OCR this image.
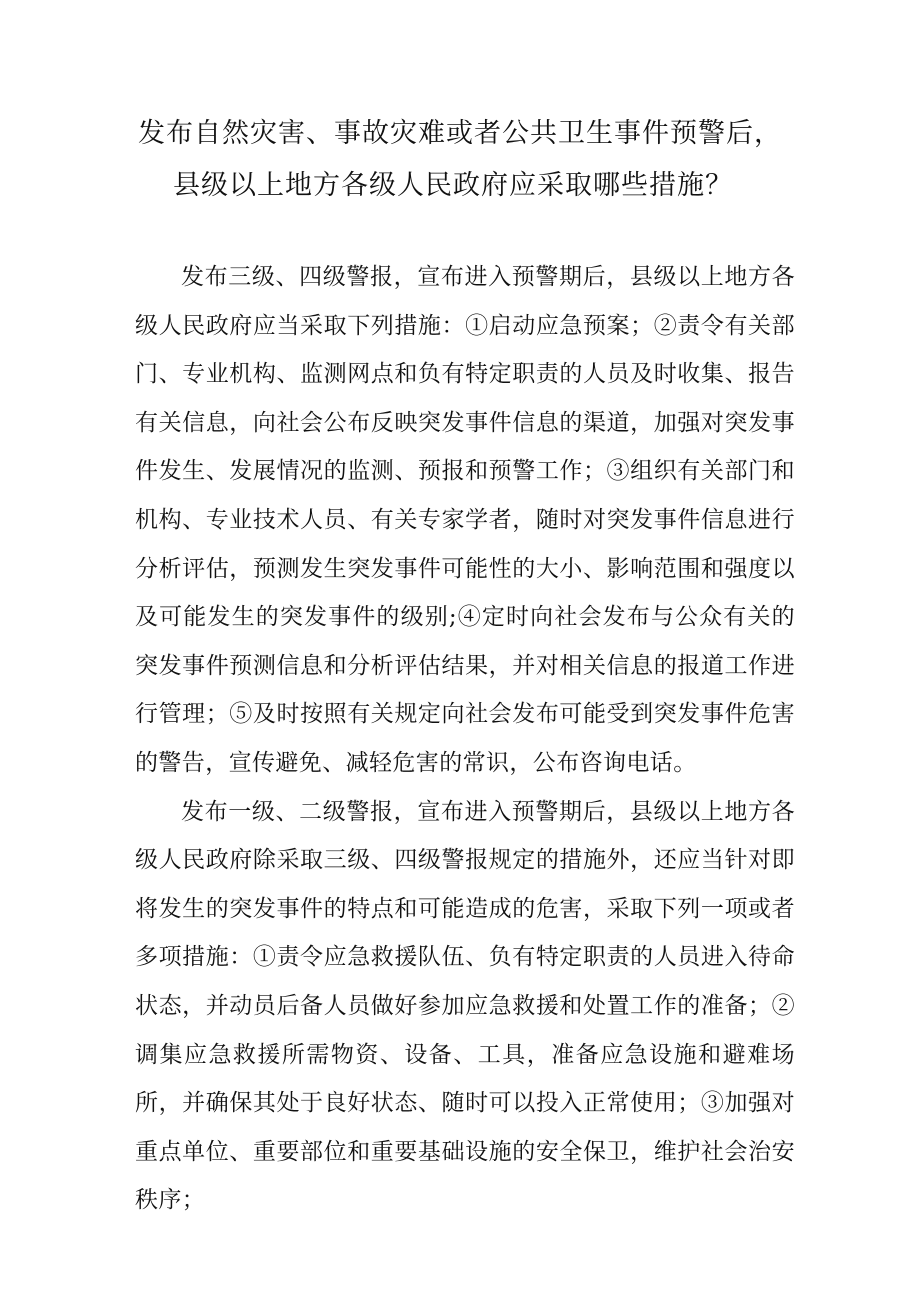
发布自然灾害、事故灾难或者公共卫生事件预警后，
县级以上地方各级人民政府应采取哪些措施？

发布三级、四级警报，宣布进入预警期后，县级以上地方各级人民政府应当采取下列措施：①启动应急预案；②责令有关部门、专业机构、监测网点和负有特定职责的人员及时收集、报告有关信息，向社会公布反映突发事件信息的渠道，加强对突发事件发生、发展情况的监测、预报和预警工作；③组织有关部门和机构、专业技术人员、有关专家学者，随时对突发事件信息进行分析评估，预测发生突发事件可能性的大小、影响范围和强度以及可能发生的突发事件的级别;④定时向社会发布与公众有关的突发事件预测信息和分析评估结果，并对相关信息的报道工作进行管理；⑤及时按照有关规定向社会发布可能受到突发事件危害的警告，宣传避免、减轻危害的常识，公布咨询电话。

发布一级、二级警报，宣布进入预警期后，县级以上地方各级人民政府除采取三级、四级警报规定的措施外，还应当针对即将发生的突发事件的特点和可能造成的危害，采取下列一项或者多项措施：①责令应急救援队伍、负有特定职责的人员进入待命状态，并动员后备人员做好参加应急救援和处置工作的准备；②调集应急救援所需物资、设备、工具，准备应急设施和避难场所，并确保其处于良好状态、随时可以投入正常使用；③加强对重点单位、重要部位和重要基础设施的安全保卫，维护社会治安秩序；
